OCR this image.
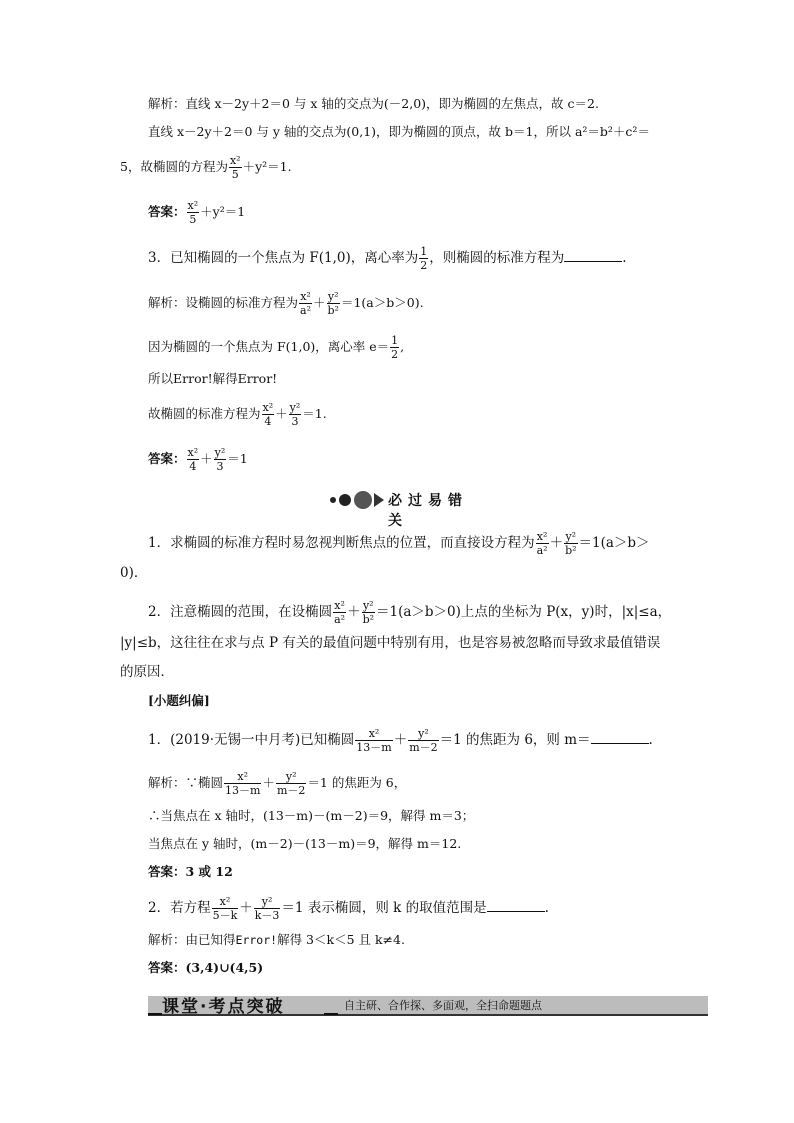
解析：直线 x－2y＋2＝0 与 x 轴的交点为(－2,0)，即为椭圆的左焦点，故 c＝2.
直线 x－2y＋2＝0 与 y 轴的交点为(0,1)，即为椭圆的顶点，故 b＝1，所以 a²＝b²＋c²＝
5，故椭圆的方程为 $\frac{\text{x²}}{5} +y^2=1$.
答案： $\frac{\text{x²}}{5} +y^2=1$
3．已知椭圆的一个焦点为 F(1,0)，离心率为 $\frac{1}{2}$ ，则椭圆的标准方程为	.
解析：设椭圆的标准方程为 $\frac{\text{x²}}{\text{a²}} + \frac{\text{y²}}{\text{b²}} =1(a>b>0)$.
因为椭圆的一个焦点为 F(1,0)，离心率 $e= \frac{1}{2}$ ,
所以Error!解得Error!
故椭圆的标准方程为 $\frac{\text{x²}}{4} + \frac{\text{y²}}{3} =1$.
答案： $\frac{\text{x²}}{4} + \frac{\text{y²}}{3} =1$
必过易错关
1．求椭圆的标准方程时易忽视判断焦点的位置，而直接设方程为 $\frac{\text{x²}}{\text{a²}} + \frac{\text{y²}}{\text{b²}} =1(a>b>$
0)．
2．注意椭圆的范围，在设椭圆 $\frac{\text{x²}}{\text{a²}} + \frac{\text{y²}}{\text{b²}} =1(a>b>0)$上点的坐标为 P(x，y)时，|x|≤a，
|y|≤b，这往往在求与点 P 有关的最值问题中特别有用，也是容易被忽略而导致求最值错误
的原因．
[小题纠偏]
1．(2019·无锡一中月考)已知椭圆 $\frac{\text{x²}}{13-m} + \frac{\text{y²}}{m-2} =1$ 的焦距为 6，则 m＝	.
解析：∵椭圆 $\frac{\text{x²}}{13-m} + \frac{\text{y²}}{m-2} =1$ 的焦距为 6，
∴当焦点在 x 轴时，(13－m)－(m－2)＝9，解得 m＝3；
当焦点在 y 轴时，(m－2)－(13－m)＝9，解得 m＝12.
答案：3 或 12
2．若方程 $\frac{\text{x²}}{5-k} + \frac{\text{y²}}{k-3} =1$ 表示椭圆，则 k 的取值范围是	.
解析：由已知得Error!解得 3＜k＜5 且 k≠4.
答案：(3,4)∪(4,5)
课堂·考点突破	自主研、合作探、多面观，全扫命题题点
